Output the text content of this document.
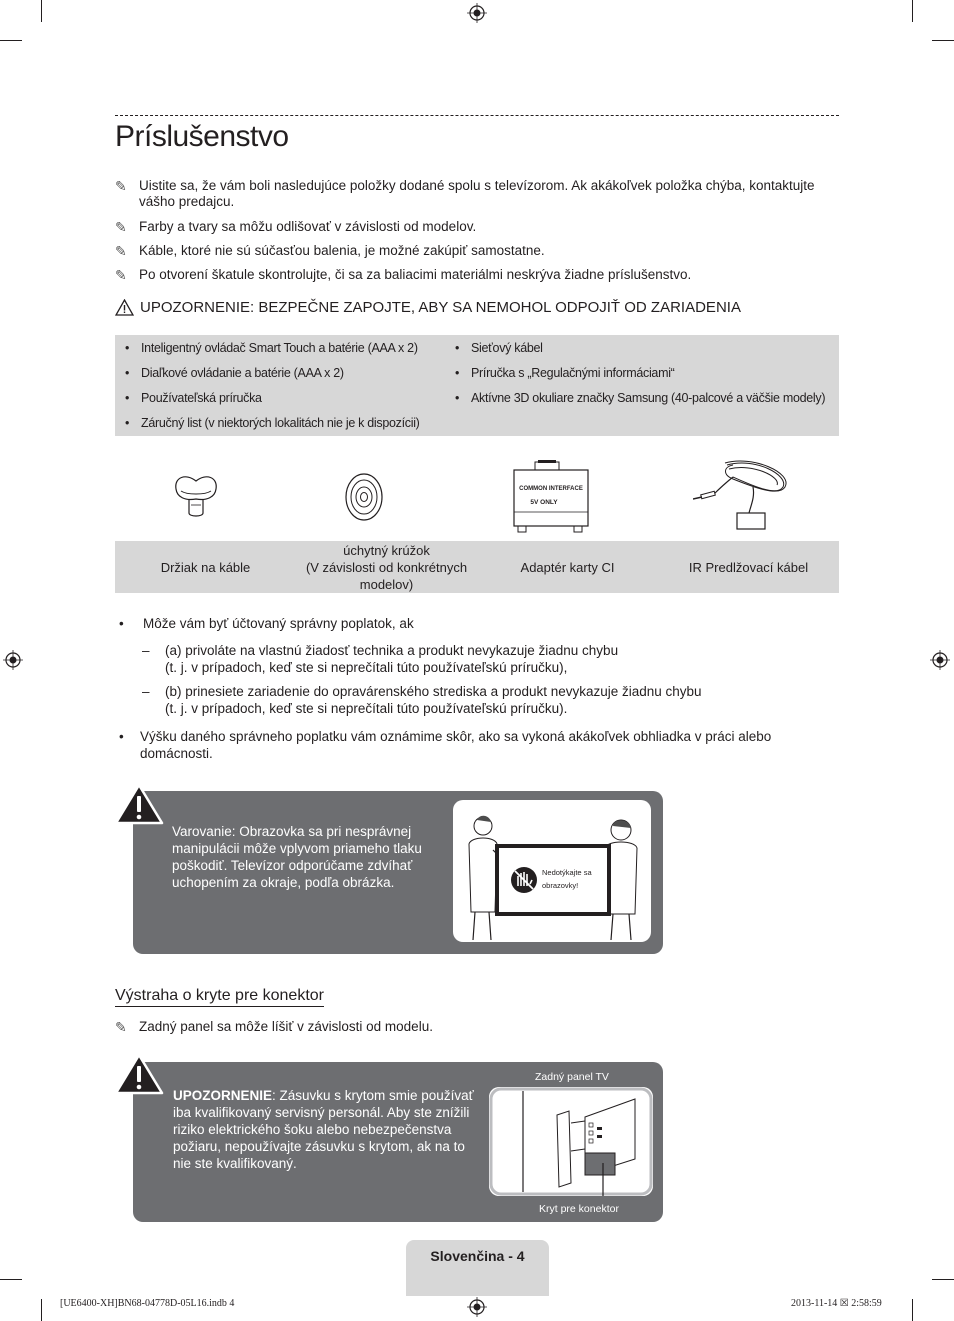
Príslušenstvo
✎ Uistite sa, že vám boli nasledujúce položky dodané spolu s televízorom. Ak akákoľvek položka chýba, kontaktujte
vášho predajcu.
✎ Farby a tvary sa môžu odlišovať v závislosti od modelov.
✎ Káble, ktoré nie sú súčasťou balenia, je možné zakúpiť samostatne.
✎ Po otvorení škatule skontrolujte, či sa za baliacimi materiálmi neskrýva žiadne príslušenstvo.
UPOZORNENIE: BEZPEČNE ZAPOJTE, ABY SA NEMOHOL ODPOJIŤ OD ZARIADENIA
• Inteligentný ovládač Smart Touch a batérie (AAA x 2)
• Diaľkové ovládanie a batérie (AAA x 2)
• Používateľská príručka
• Záručný list (v niektorých lokalitách nie je k dispozícii)
• Sieťový kábel
• Príručka s „Regulačnými informáciami“
• Aktívne 3D okuliare značky Samsung (40-palcové a väčšie modely)
COMMON INTERFACE
5V ONLY
Držiak na káble
úchytný krúžok
(V závislosti od konkrétnych
modelov)
Adaptér karty CI	IR Predlžovací kábel
• Môže vám byť účtovaný správny poplatok, ak
– (a) privoláte na vlastnú žiadosť technika a produkt nevykazuje žiadnu chybu
(t. j. v prípadoch, keď ste si neprečítali túto používateľskú príručku),
– (b) prinesiete zariadenie do opravárenského strediska a produkt nevykazuje žiadnu chybu
(t. j. v prípadoch, keď ste si neprečítali túto používateľskú príručku).
• Výšku daného správneho poplatku vám oznámime skôr, ako sa vykoná akákoľvek obhliadka v práci alebo
domácnosti.
Varovanie: Obrazovka sa pri nesprávnej
manipulácii môže vplyvom priameho tlaku
poškodiť. Televízor odporúčame zdvíhať
uchopením za okraje, podľa obrázka.
Nedotýkajte sa
obrazovky!
Výstraha o kryte pre konektor
✎ Zadný panel sa môže líšiť v závislosti od modelu.
UPOZORNENIE: Zásuvku s krytom smie používať
iba kvalifikovaný servisný personál. Aby ste znížili
riziko elektrického šoku alebo nebezpečenstva
požiaru, nepoužívajte zásuvku s krytom, ak na to
nie ste kvalifikovaný.
Zadný panel TV
Kryt pre konektor
Slovenčina - 4
[UE6400-XH]BN68-04778D-05L16.indb 4	2013-11-14 ☒ 2:58:59
